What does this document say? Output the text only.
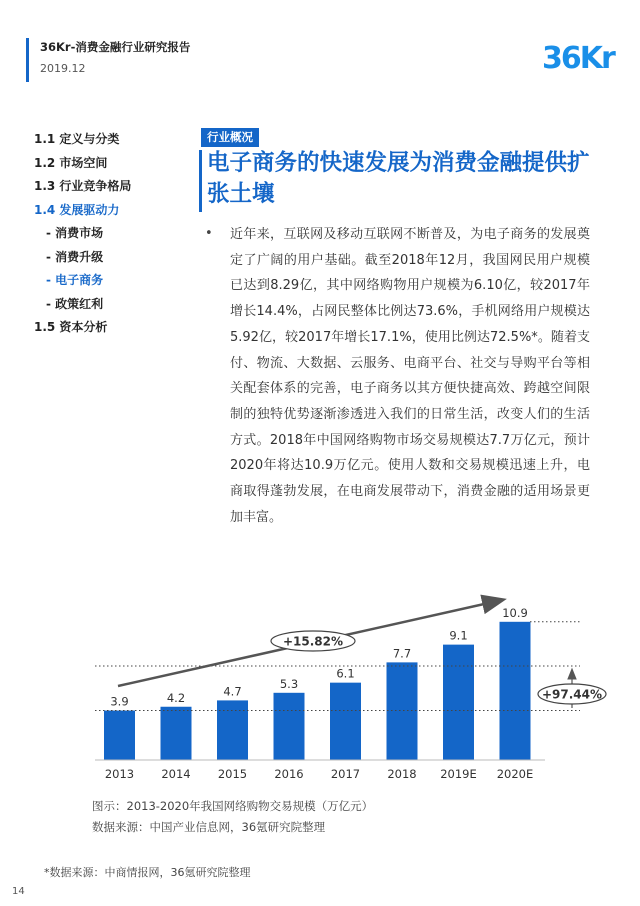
36Kr-消费金融行业研究报告
2019.12	36Kr
1.1 定义与分类
1.2 市场空间
1.3 行业竞争格局
1.4 发展驱动力
- 消费市场
- 消费升级
- 电子商务
- 政策红利
1.5 资本分析
行业概况
电子商务的快速发展为消费金融提供扩张土壤
• 近年来，互联网及移动互联网不断普及，为电子商务的发展奠定了广阔的用户基础。截至2018年12月，我国网民用户规模已达到8.29亿，其中网络购物用户规模为6.10亿，较2017年增长14.4%，占网民整体比例达73.6%，手机网络用户规模达5.92亿，较2017年增长17.1%，使用比例达72.5%*。随着支付、物流、大数据、云服务、电商平台、社交与导购平台等相关配套体系的完善，电子商务以其方便快捷高效、跨越空间限制的独特优势逐渐渗透进入我们的日常生活，改变人们的生活方式。2018年中国网络购物市场交易规模达7.7万亿元，预计2020年将达10.9万亿元。使用人数和交易规模迅速上升，电商取得蓬勃发展，在电商发展带动下，消费金融的适用场景更加丰富。
3.9
2013
4.2
2014
4.7
2015
5.3
2016
6.1
2017
7.7
2018
9.1
2019E
10.9
2020E
+15.82%
+97.44%
图示：2013-2020年我国网络购物交易规模（万亿元）
数据来源：中国产业信息网，36氪研究院整理
*数据来源：中商情报网，36氪研究院整理
14
